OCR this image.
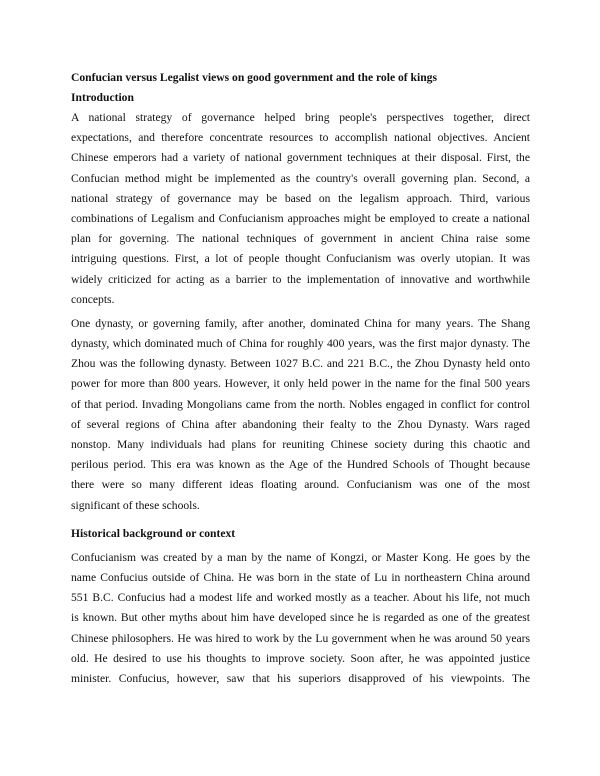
Confucian versus Legalist views on good government and the role of kings
Introduction
A national strategy of governance helped bring people's perspectives together, direct
expectations, and therefore concentrate resources to accomplish national objectives. Ancient
Chinese emperors had a variety of national government techniques at their disposal. First, the
Confucian method might be implemented as the country's overall governing plan. Second, a
national strategy of governance may be based on the legalism approach. Third, various
combinations of Legalism and Confucianism approaches might be employed to create a national
plan for governing. The national techniques of government in ancient China raise some
intriguing questions. First, a lot of people thought Confucianism was overly utopian. It was
widely criticized for acting as a barrier to the implementation of innovative and worthwhile
concepts.
One dynasty, or governing family, after another, dominated China for many years. The Shang
dynasty, which dominated much of China for roughly 400 years, was the first major dynasty. The
Zhou was the following dynasty. Between 1027 B.C. and 221 B.C., the Zhou Dynasty held onto
power for more than 800 years. However, it only held power in the name for the final 500 years
of that period. Invading Mongolians came from the north. Nobles engaged in conflict for control
of several regions of China after abandoning their fealty to the Zhou Dynasty. Wars raged
nonstop. Many individuals had plans for reuniting Chinese society during this chaotic and
perilous period. This era was known as the Age of the Hundred Schools of Thought because
there were so many different ideas floating around. Confucianism was one of the most
significant of these schools.
Historical background or context
Confucianism was created by a man by the name of Kongzi, or Master Kong. He goes by the
name Confucius outside of China. He was born in the state of Lu in northeastern China around
551 B.C. Confucius had a modest life and worked mostly as a teacher. About his life, not much
is known. But other myths about him have developed since he is regarded as one of the greatest
Chinese philosophers. He was hired to work by the Lu government when he was around 50 years
old. He desired to use his thoughts to improve society. Soon after, he was appointed justice
minister. Confucius, however, saw that his superiors disapproved of his viewpoints. The
